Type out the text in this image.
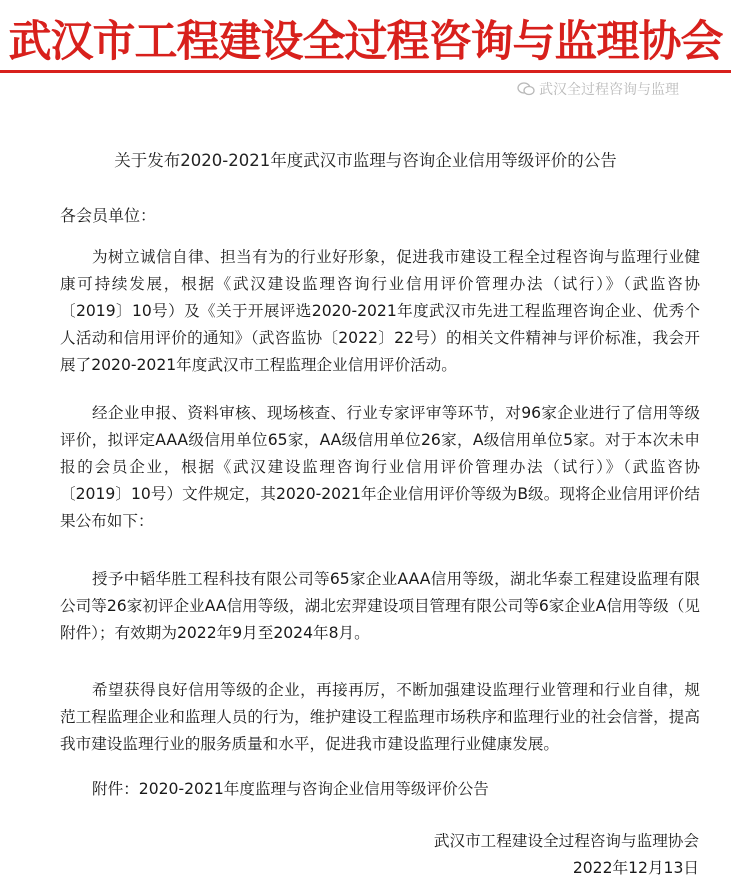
武汉市工程建设全过程咨询与监理协会
武汉全过程咨询与监理
关于发布2020-2021年度武汉市监理与咨询企业信用等级评价的公告
各会员单位：

为树立诚信自律、担当有为的行业好形象，促进我市建设工程全过程咨询与监理行业健康可持续发展，根据《武汉建设监理咨询行业信用评价管理办法（试行）》（武监咨协〔2019〕10号）及《关于开展评选2020-2021年度武汉市先进工程监理咨询企业、优秀个人活动和信用评价的通知》（武咨监协〔2022〕22号）的相关文件精神与评价标准，我会开展了2020-2021年度武汉市工程监理企业信用评价活动。

经企业申报、资料审核、现场核查、行业专家评审等环节，对96家企业进行了信用等级评价，拟评定AAA级信用单位65家，AA级信用单位26家，A级信用单位5家。对于本次未申报的会员企业，根据《武汉建设监理咨询行业信用评价管理办法（试行）》（武监咨协〔2019〕10号）文件规定，其2020-2021年企业信用评价等级为B级。现将企业信用评价结果公布如下：

授予中韬华胜工程科技有限公司等65家企业AAA信用等级，湖北华泰工程建设监理有限公司等26家初评企业AA信用等级，湖北宏羿建设项目管理有限公司等6家企业A信用等级（见附件）；有效期为2022年9月至2024年8月。

希望获得良好信用等级的企业，再接再厉，不断加强建设监理行业管理和行业自律，规范工程监理企业和监理人员的行为，维护建设工程监理市场秩序和监理行业的社会信誉，提高我市建设监理行业的服务质量和水平，促进我市建设监理行业健康发展。

附件：2020-2021年度监理与咨询企业信用等级评价公告

武汉市工程建设全过程咨询与监理协会
2022年12月13日
